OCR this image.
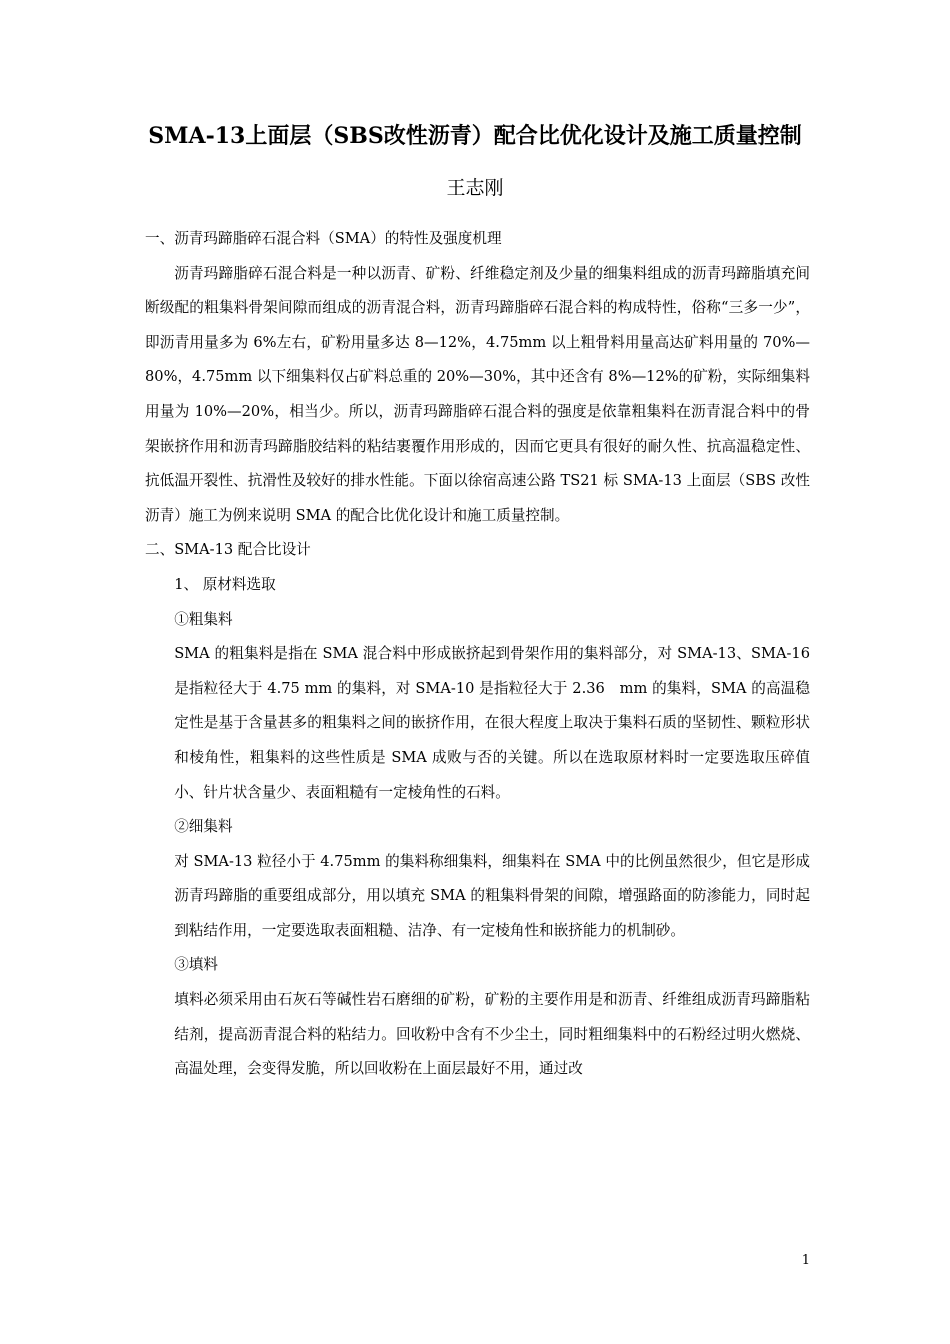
SMA-13上面层（SBS改性沥青）配合比优化设计及施工质量控制
王志刚

一、沥青玛蹄脂碎石混合料（SMA）的特性及强度机理

沥青玛蹄脂碎石混合料是一种以沥青、矿粉、纤维稳定剂及少量的细集料组成的沥青玛蹄脂填充间断级配的粗集料骨架间隙而组成的沥青混合料，沥青玛蹄脂碎石混合料的构成特性，俗称“三多一少”，即沥青用量多为 6%左右，矿粉用量多达 8—12%，4.75mm 以上粗骨料用量高达矿料用量的 70%—80%，4.75mm 以下细集料仅占矿料总重的 20%—30%，其中还含有 8%—12%的矿粉，实际细集料用量为 10%—20%，相当少。所以，沥青玛蹄脂碎石混合料的强度是依靠粗集料在沥青混合料中的骨架嵌挤作用和沥青玛蹄脂胶结料的粘结裹覆作用形成的，因而它更具有很好的耐久性、抗高温稳定性、抗低温开裂性、抗滑性及较好的排水性能。下面以徐宿高速公路 TS21 标 SMA-13 上面层（SBS 改性沥青）施工为例来说明 SMA 的配合比优化设计和施工质量控制。

二、SMA-13 配合比设计

1、 原材料选取

①粗集料

SMA 的粗集料是指在 SMA 混合料中形成嵌挤起到骨架作用的集料部分，对 SMA-13、SMA-16 是指粒径大于 4.75 mm 的集料，对 SMA-10 是指粒径大于 2.36　mm 的集料，SMA 的高温稳定性是基于含量甚多的粗集料之间的嵌挤作用，在很大程度上取决于集料石质的坚韧性、颗粒形状和棱角性，粗集料的这些性质是 SMA 成败与否的关键。所以在选取原材料时一定要选取压碎值小、针片状含量少、表面粗糙有一定棱角性的石料。

②细集料

对 SMA-13 粒径小于 4.75mm 的集料称细集料，细集料在 SMA 中的比例虽然很少，但它是形成沥青玛蹄脂的重要组成部分，用以填充 SMA 的粗集料骨架的间隙，增强路面的防渗能力，同时起到粘结作用，一定要选取表面粗糙、洁净、有一定棱角性和嵌挤能力的机制砂。

③填料

填料必须采用由石灰石等碱性岩石磨细的矿粉，矿粉的主要作用是和沥青、纤维组成沥青玛蹄脂粘结剂，提高沥青混合料的粘结力。回收粉中含有不少尘土，同时粗细集料中的石粉经过明火燃烧、高温处理，会变得发脆，所以回收粉在上面层最好不用，通过改

1
